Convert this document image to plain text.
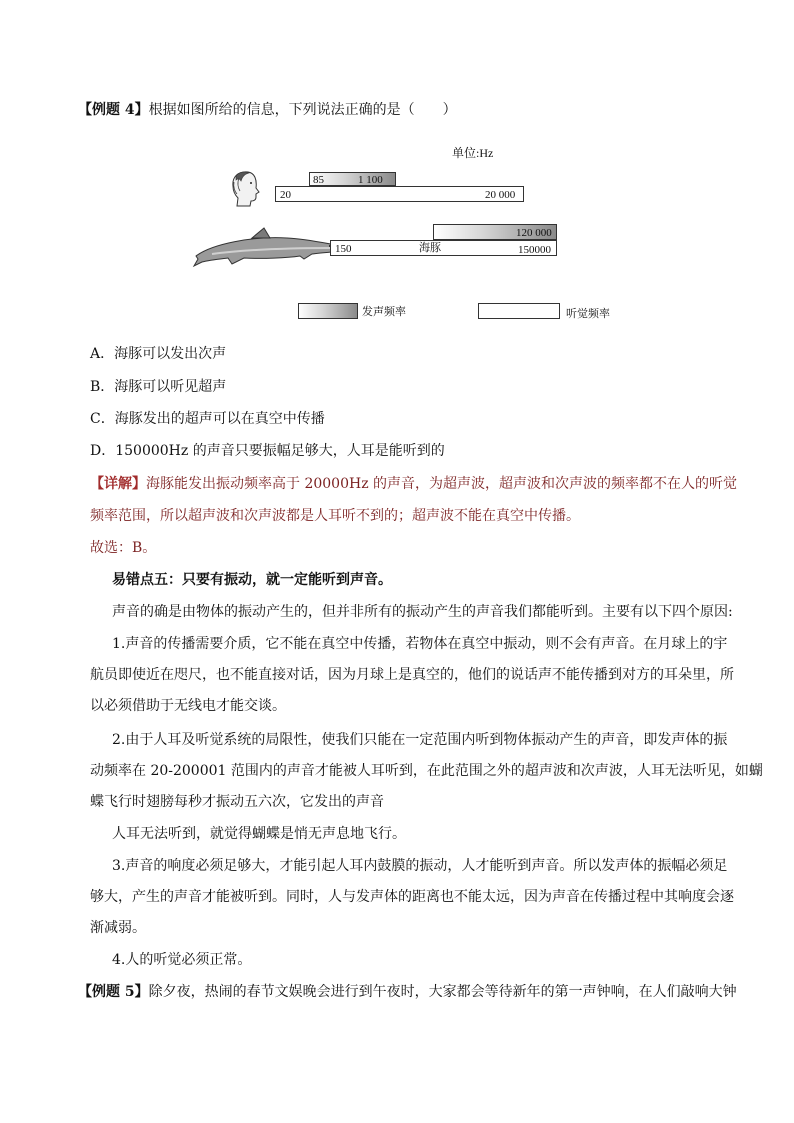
【例题 4】根据如图所给的信息，下列说法正确的是（　　）
单位:Hz
85	1 100
20	20 000
120 000
150	海豚	150000
发声频率	听觉频率
A．海豚可以发出次声
B．海豚可以听见超声
C．海豚发出的超声可以在真空中传播
D．150000Hz 的声音只要振幅足够大，人耳是能听到的
【详解】海豚能发出振动频率高于 20000Hz 的声音，为超声波，超声波和次声波的频率都不在人的听觉
频率范围，所以超声波和次声波都是人耳听不到的；超声波不能在真空中传播。
故选：B。
易错点五：只要有振动，就一定能听到声音。
声音的确是由物体的振动产生的，但并非所有的振动产生的声音我们都能听到。主要有以下四个原因:
1.声音的传播需要介质，它不能在真空中传播，若物体在真空中振动，则不会有声音。在月球上的宇
航员即使近在咫尺，也不能直接对话，因为月球上是真空的，他们的说话声不能传播到对方的耳朵里，所
以必须借助于无线电才能交谈。
2.由于人耳及听觉系统的局限性，使我们只能在一定范围内听到物体振动产生的声音，即发声体的振
动频率在 20-200001 范围内的声音才能被人耳听到，在此范围之外的超声波和次声波，人耳无法听见，如蝴
蝶飞行时翅膀每秒才振动五六次，它发出的声音
人耳无法听到，就觉得蝴蝶是悄无声息地飞行。
3.声音的响度必须足够大，才能引起人耳内鼓膜的振动，人才能听到声音。所以发声体的振幅必须足
够大，产生的声音才能被听到。同时，人与发声体的距离也不能太远，因为声音在传播过程中其响度会逐
渐减弱。
4.人的听觉必须正常。
【例题 5】除夕夜，热闹的春节文娱晚会进行到午夜时，大家都会等待新年的第一声钟响，在人们敲响大钟
